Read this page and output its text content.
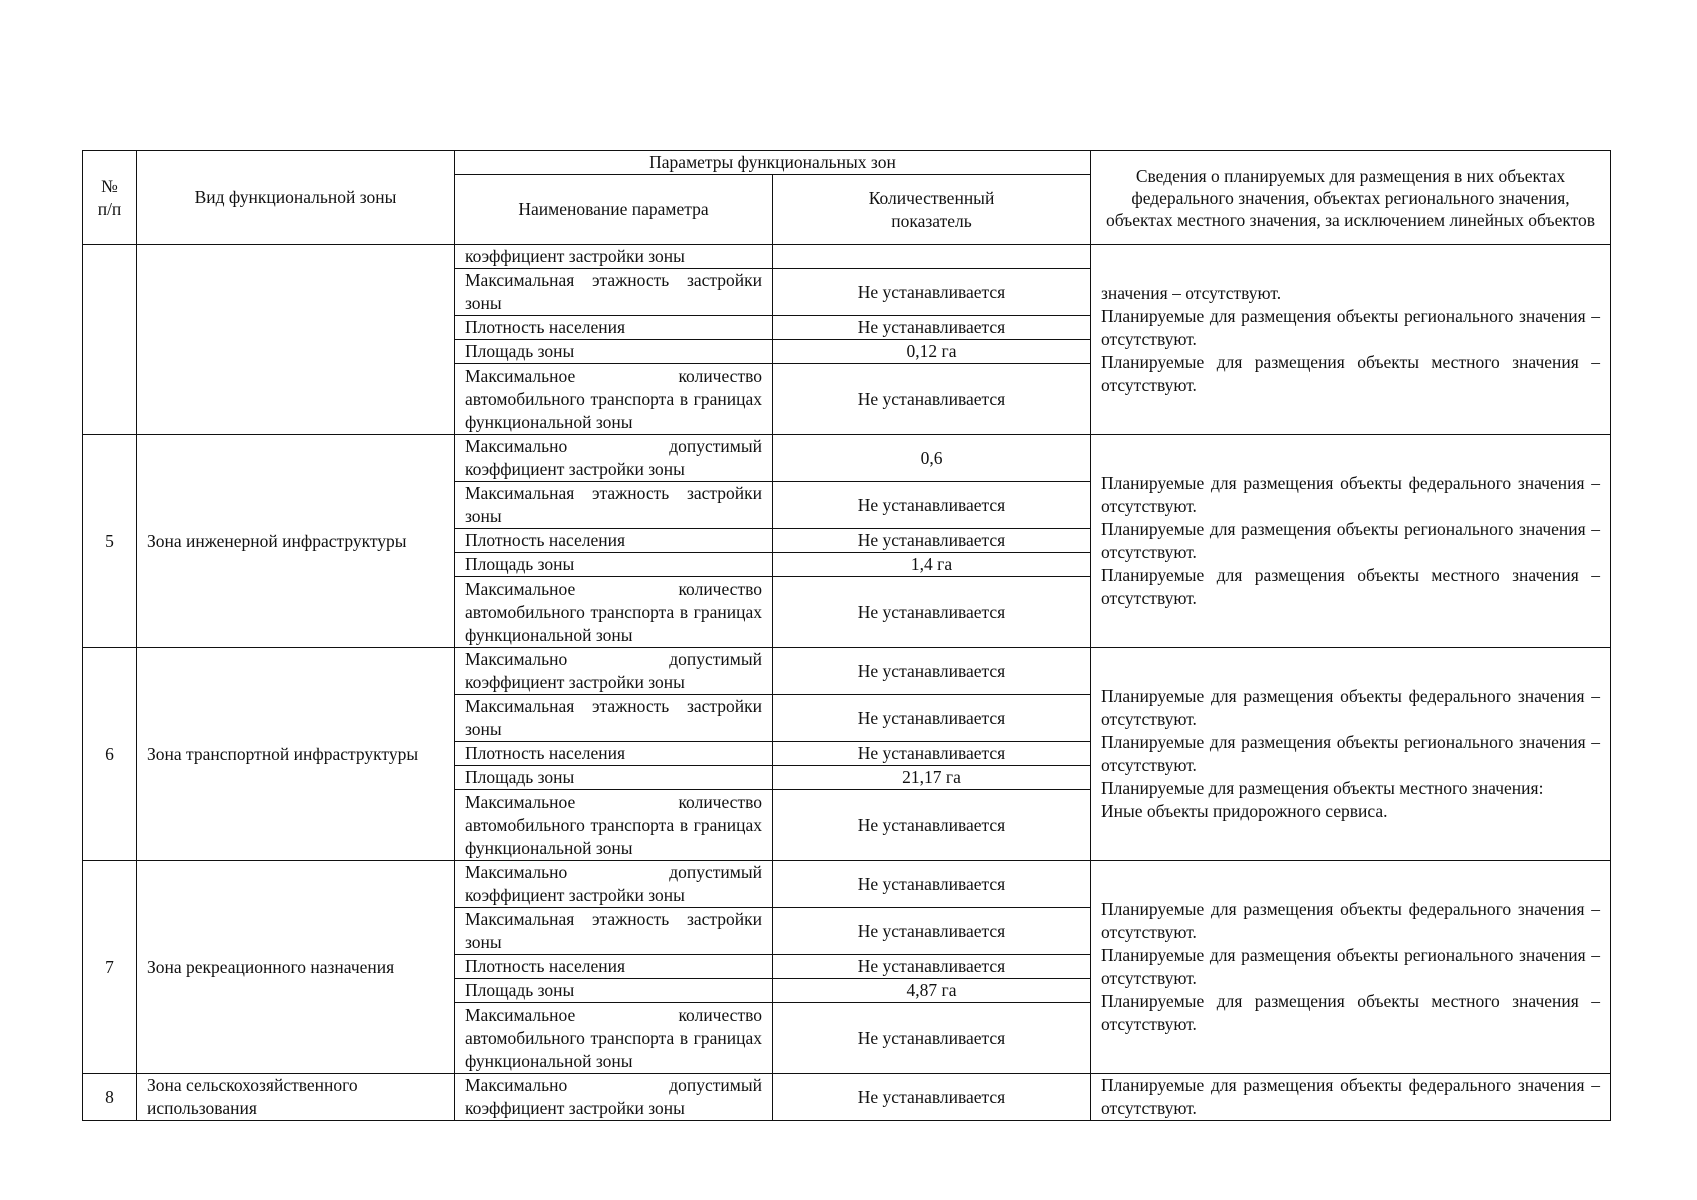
№
п/п	Вид функциональной зоны	Параметры функциональных зон		Сведения о планируемых для размещения в них объектах федерального значения, объектах регионального значения, объектах местного значения, за исключением линейных объектов
		Наименование параметра	Количественный показатель	
		коэффициент застройки зоны		значения – отсутствуют.

Планируемые для размещения объекты регионального значения – отсутствуют.

Планируемые для размещения объекты местного значения – отсутствуют.

		Максимальная этажность застройки зоны	Не устанавливается	
		Плотность населения	Не устанавливается	
		Площадь зоны	0,12 га	
		Максимальное количество автомобильного транспорта в границах функциональной зоны	Не устанавливается	
5	Зона инженерной инфраструктуры	Максимально допустимый коэффициент застройки зоны	0,6	Планируемые для размещения объекты федерального значения – отсутствуют.

Планируемые для размещения объекты регионального значения – отсутствуют.

Планируемые для размещения объекты местного значения – отсутствуют.

		Максимальная этажность застройки зоны	Не устанавливается	
		Плотность населения	Не устанавливается	
		Площадь зоны	1,4 га	
		Максимальное количество автомобильного транспорта в границах функциональной зоны	Не устанавливается	
6	Зона транспортной инфраструктуры	Максимально допустимый коэффициент застройки зоны	Не устанавливается	Планируемые для размещения объекты федерального значения – отсутствуют.

Планируемые для размещения объекты регионального значения – отсутствуют.

Планируемые для размещения объекты местного значения:

Иные объекты придорожного сервиса.

		Максимальная этажность застройки зоны	Не устанавливается	
		Плотность населения	Не устанавливается	
		Площадь зоны	21,17 га	
		Максимальное количество автомобильного транспорта в границах функциональной зоны	Не устанавливается	
7	Зона рекреационного назначения	Максимально допустимый коэффициент застройки зоны	Не устанавливается	Планируемые для размещения объекты федерального значения – отсутствуют.

Планируемые для размещения объекты регионального значения – отсутствуют.

Планируемые для размещения объекты местного значения – отсутствуют.

		Максимальная этажность застройки зоны	Не устанавливается	
		Плотность населения	Не устанавливается	
		Площадь зоны	4,87 га	
		Максимальное количество автомобильного транспорта в границах функциональной зоны	Не устанавливается	
8	Зона сельскохозяйственного использования	Максимально допустимый коэффициент застройки зоны	Не устанавливается	Планируемые для размещения объекты федерального значения – отсутствуют.
